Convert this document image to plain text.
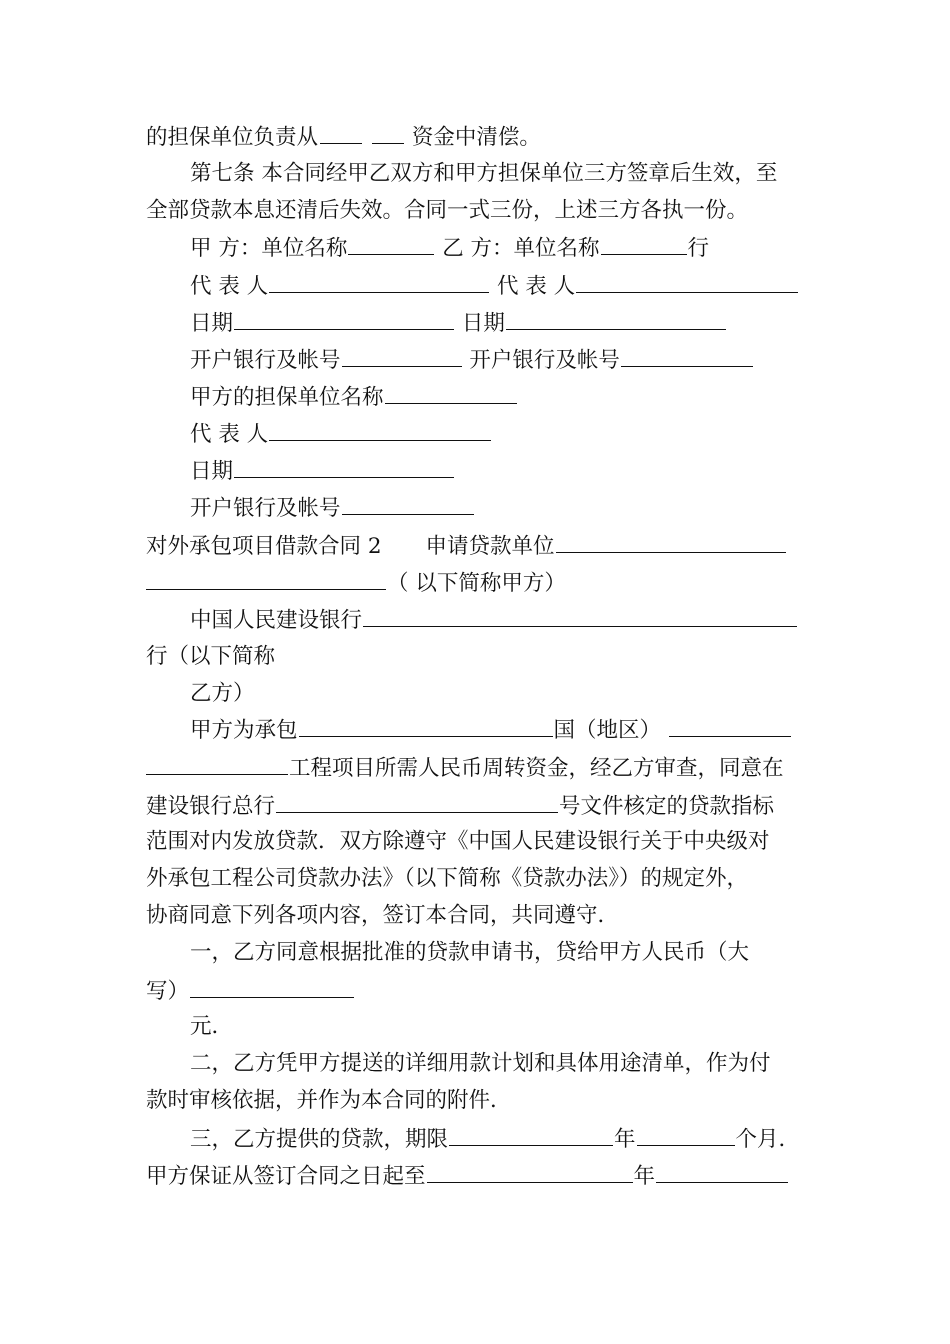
的担保单位负责从	资金中清偿。
第七条 本合同经甲乙双方和甲方担保单位三方签章后生效，至
全部贷款本息还清后失效。合同一式三份，上述三方各执一份。
甲 方：单位名称	乙 方：单位名称	行
代 表 人	代 表 人
日期	日期
开户银行及帐号	开户银行及帐号
甲方的担保单位名称
代 表 人
日期
开户银行及帐号
对外承包项目借款合同 2 申请贷款单位
（ 以下简称甲方）
中国人民建设银行
行（以下简称
乙方）
甲方为承包	国（地区）
工程项目所需人民币周转资金，经乙方审查，同意在
建设银行总行	号文件核定的贷款指标
范围对内发放贷款．双方除遵守《中国人民建设银行关于中央级对
外承包工程公司贷款办法》（以下简称《贷款办法》）的规定外，
协商同意下列各项内容，签订本合同，共同遵守．
一，乙方同意根据批准的贷款申请书，贷给甲方人民币（大
写）
元．
二，乙方凭甲方提送的详细用款计划和具体用途清单，作为付
款时审核依据，并作为本合同的附件．
三，乙方提供的贷款，期限	年	个月．
甲方保证从签订合同之日起至	年
